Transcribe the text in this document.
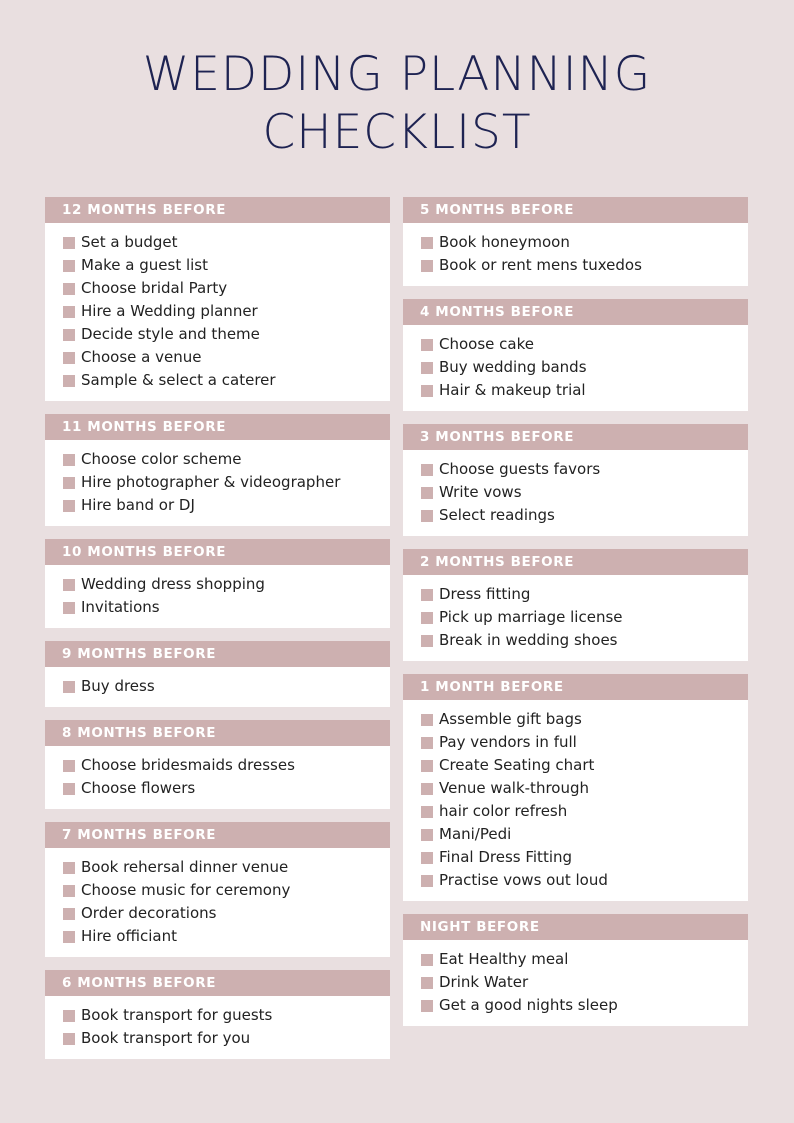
WEDDING PLANNING
CHECKLIST
12 MONTHS BEFORE
Set a budget
Make a guest list
Choose bridal Party
Hire a Wedding planner
Decide style and theme
Choose a venue
Sample & select a caterer
11 MONTHS BEFORE
Choose color scheme
Hire photographer & videographer
Hire band or DJ
10 MONTHS BEFORE
Wedding dress shopping
Invitations
9 MONTHS BEFORE
Buy dress
8 MONTHS BEFORE
Choose bridesmaids dresses
Choose flowers
7 MONTHS BEFORE
Book rehersal dinner venue
Choose music for ceremony
Order decorations
Hire officiant
6 MONTHS BEFORE
Book transport for guests
Book transport for you
5 MONTHS BEFORE
Book honeymoon
Book or rent mens tuxedos
4 MONTHS BEFORE
Choose cake
Buy wedding bands
Hair & makeup trial
3 MONTHS BEFORE
Choose guests favors
Write vows
Select readings
2 MONTHS BEFORE
Dress fitting
Pick up marriage license
Break in wedding shoes
1 MONTH BEFORE
Assemble gift bags
Pay vendors in full
Create Seating chart
Venue walk-through
hair color refresh
Mani/Pedi
Final Dress Fitting
Practise vows out loud
NIGHT BEFORE
Eat Healthy meal
Drink Water
Get a good nights sleep
